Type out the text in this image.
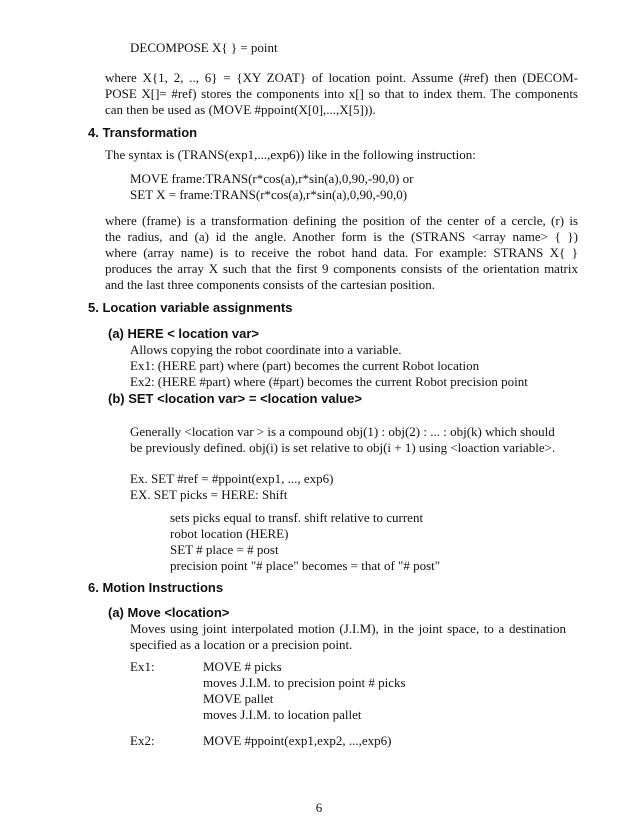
DECOMPOSE X{ } = point
where X{1, 2, .., 6} = {XY ZOAT} of location point. Assume (#ref) then (DECOM-
POSE X[]= #ref) stores the components into x[] so that to index them. The components
can then be used as (MOVE #ppoint(X[0],...,X[5])).
4. Transformation
The syntax is (TRANS(exp1,...,exp6)) like in the following instruction:
MOVE frame:TRANS(r*cos(a),r*sin(a),0,90,-90,0) or
SET X = frame:TRANS(r*cos(a),r*sin(a),0,90,-90,0)
where (frame) is a transformation defining the position of the center of a cercle, (r) is
the radius, and (a) id the angle. Another form is the (STRANS <array name> { })
where (array name) is to receive the robot hand data. For example: STRANS X{ }
produces the array X such that the first 9 components consists of the orientation matrix
and the last three components consists of the cartesian position.
5. Location variable assignments
(a) HERE < location var>
Allows copying the robot coordinate into a variable.
Ex1: (HERE part) where (part) becomes the current Robot location
Ex2: (HERE #part) where (#part) becomes the current Robot precision point
(b) SET <location var> = <location value>
Generally <location var > is a compound obj(1) : obj(2) : ... : obj(k) which should
be previously defined. obj(i) is set relative to obj(i + 1) using <loaction variable>.
Ex. SET #ref = #ppoint(exp1, ..., exp6)
EX. SET picks = HERE: Shift
sets picks equal to transf. shift relative to current
robot location (HERE)
SET # place = # post
precision point "# place" becomes = that of "# post"
6. Motion Instructions
(a) Move <location>
Moves using joint interpolated motion (J.I.M), in the joint space, to a destination
specified as a location or a precision point.
Ex1:	MOVE # picks
moves J.I.M. to precision point # picks
MOVE pallet
moves J.I.M. to location pallet
Ex2:	MOVE #ppoint(exp1,exp2, ...,exp6)
6
